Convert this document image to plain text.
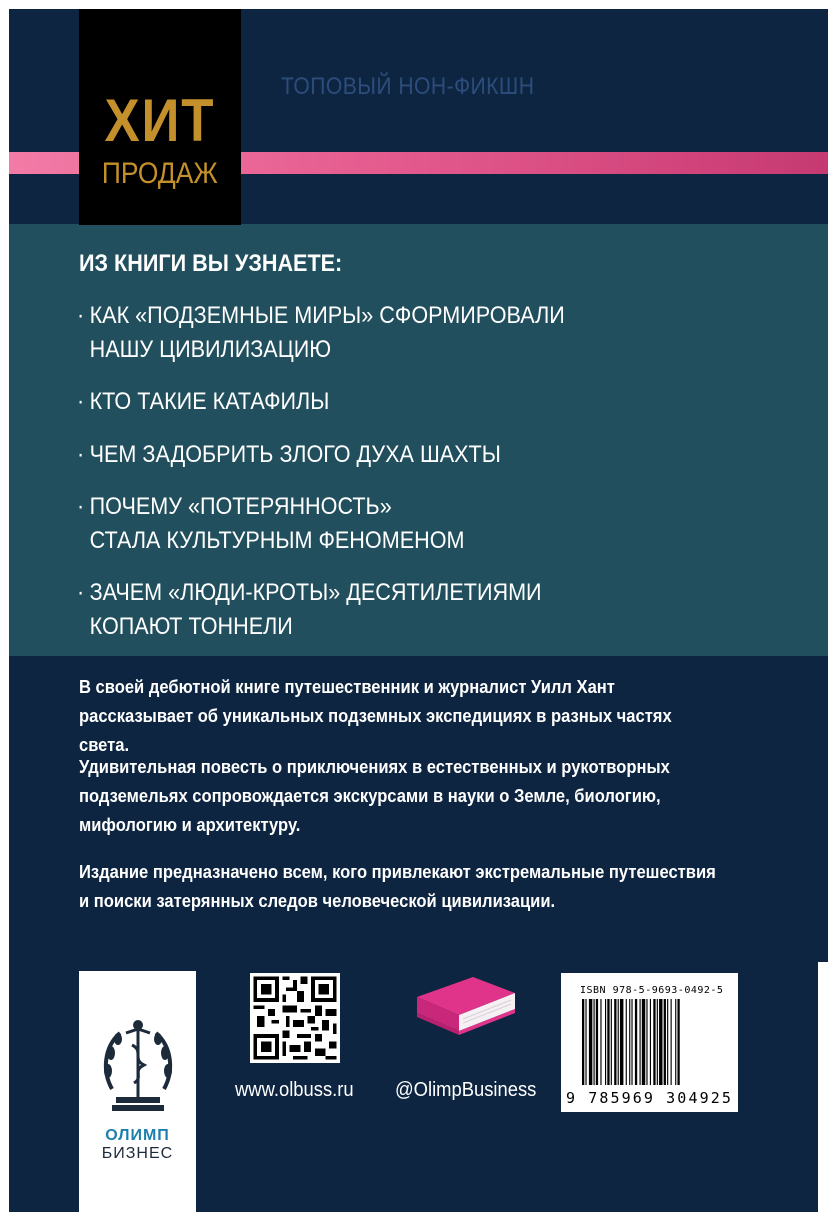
ХИТ
ПРОДАЖ
ТОПОВЫЙ НОН-ФИКШН
ИЗ КНИГИ ВЫ УЗНАЕТЕ:
· КАК «ПОДЗЕМНЫЕ МИРЫ» СФОРМИРОВАЛИ
НАШУ ЦИВИЛИЗАЦИЮ
· КТО ТАКИЕ КАТАФИЛЫ
· ЧЕМ ЗАДОБРИТЬ ЗЛОГО ДУХА ШАХТЫ
· ПОЧЕМУ «ПОТЕРЯННОСТЬ»
СТАЛА КУЛЬТУРНЫМ ФЕНОМЕНОМ
· ЗАЧЕМ «ЛЮДИ-КРОТЫ» ДЕСЯТИЛЕТИЯМИ
КОПАЮТ ТОННЕЛИ
В своей дебютной книге путешественник и журналист Уилл Хант
рассказывает об уникальных подземных экспедициях в разных частях света.
Удивительная повесть о приключениях в естественных и рукотворных
подземельях сопровождается экскурсами в науки о Земле, биологию,
мифологию и архитектуру.
Издание предназначено всем, кого привлекают экстремальные путешествия
и поиски затерянных следов человеческой цивилизации.
ОЛИМП
БИЗНЕС
www.olbuss.ru @OlimpBusiness
ISBN 978-5-9693-0492-5
9 785969 304925
